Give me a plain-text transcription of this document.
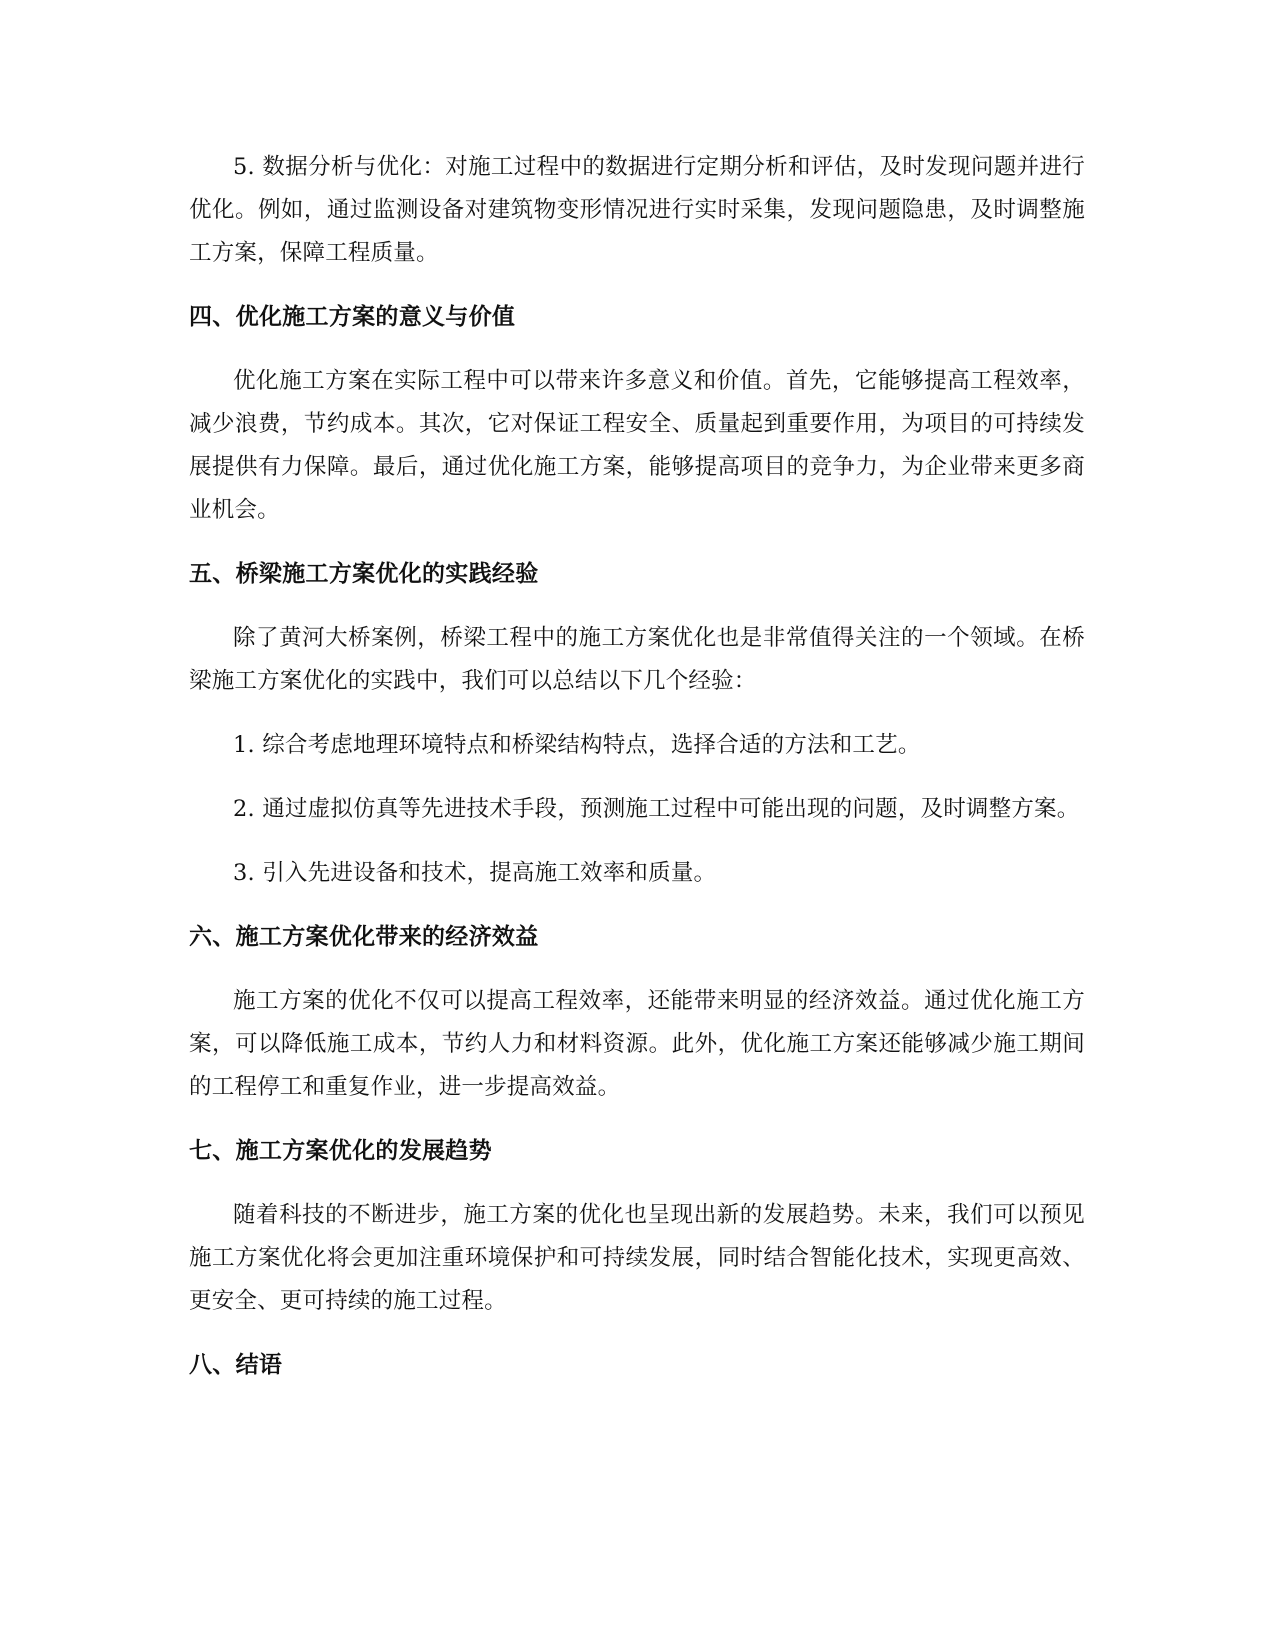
5. 数据分析与优化：对施工过程中的数据进行定期分析和评估，及时发现问题并进行优化。例如，通过监测设备对建筑物变形情况进行实时采集，发现问题隐患，及时调整施工方案，保障工程质量。

四、优化施工方案的意义与价值

优化施工方案在实际工程中可以带来许多意义和价值。首先，它能够提高工程效率，减少浪费，节约成本。其次，它对保证工程安全、质量起到重要作用，为项目的可持续发展提供有力保障。最后，通过优化施工方案，能够提高项目的竞争力，为企业带来更多商业机会。

五、桥梁施工方案优化的实践经验

除了黄河大桥案例，桥梁工程中的施工方案优化也是非常值得关注的一个领域。在桥梁施工方案优化的实践中，我们可以总结以下几个经验：

1. 综合考虑地理环境特点和桥梁结构特点，选择合适的方法和工艺。

2. 通过虚拟仿真等先进技术手段，预测施工过程中可能出现的问题，及时调整方案。

3. 引入先进设备和技术，提高施工效率和质量。

六、施工方案优化带来的经济效益

施工方案的优化不仅可以提高工程效率，还能带来明显的经济效益。通过优化施工方案，可以降低施工成本，节约人力和材料资源。此外，优化施工方案还能够减少施工期间的工程停工和重复作业，进一步提高效益。

七、施工方案优化的发展趋势

随着科技的不断进步，施工方案的优化也呈现出新的发展趋势。未来，我们可以预见施工方案优化将会更加注重环境保护和可持续发展，同时结合智能化技术，实现更高效、更安全、更可持续的施工过程。

八、结语
